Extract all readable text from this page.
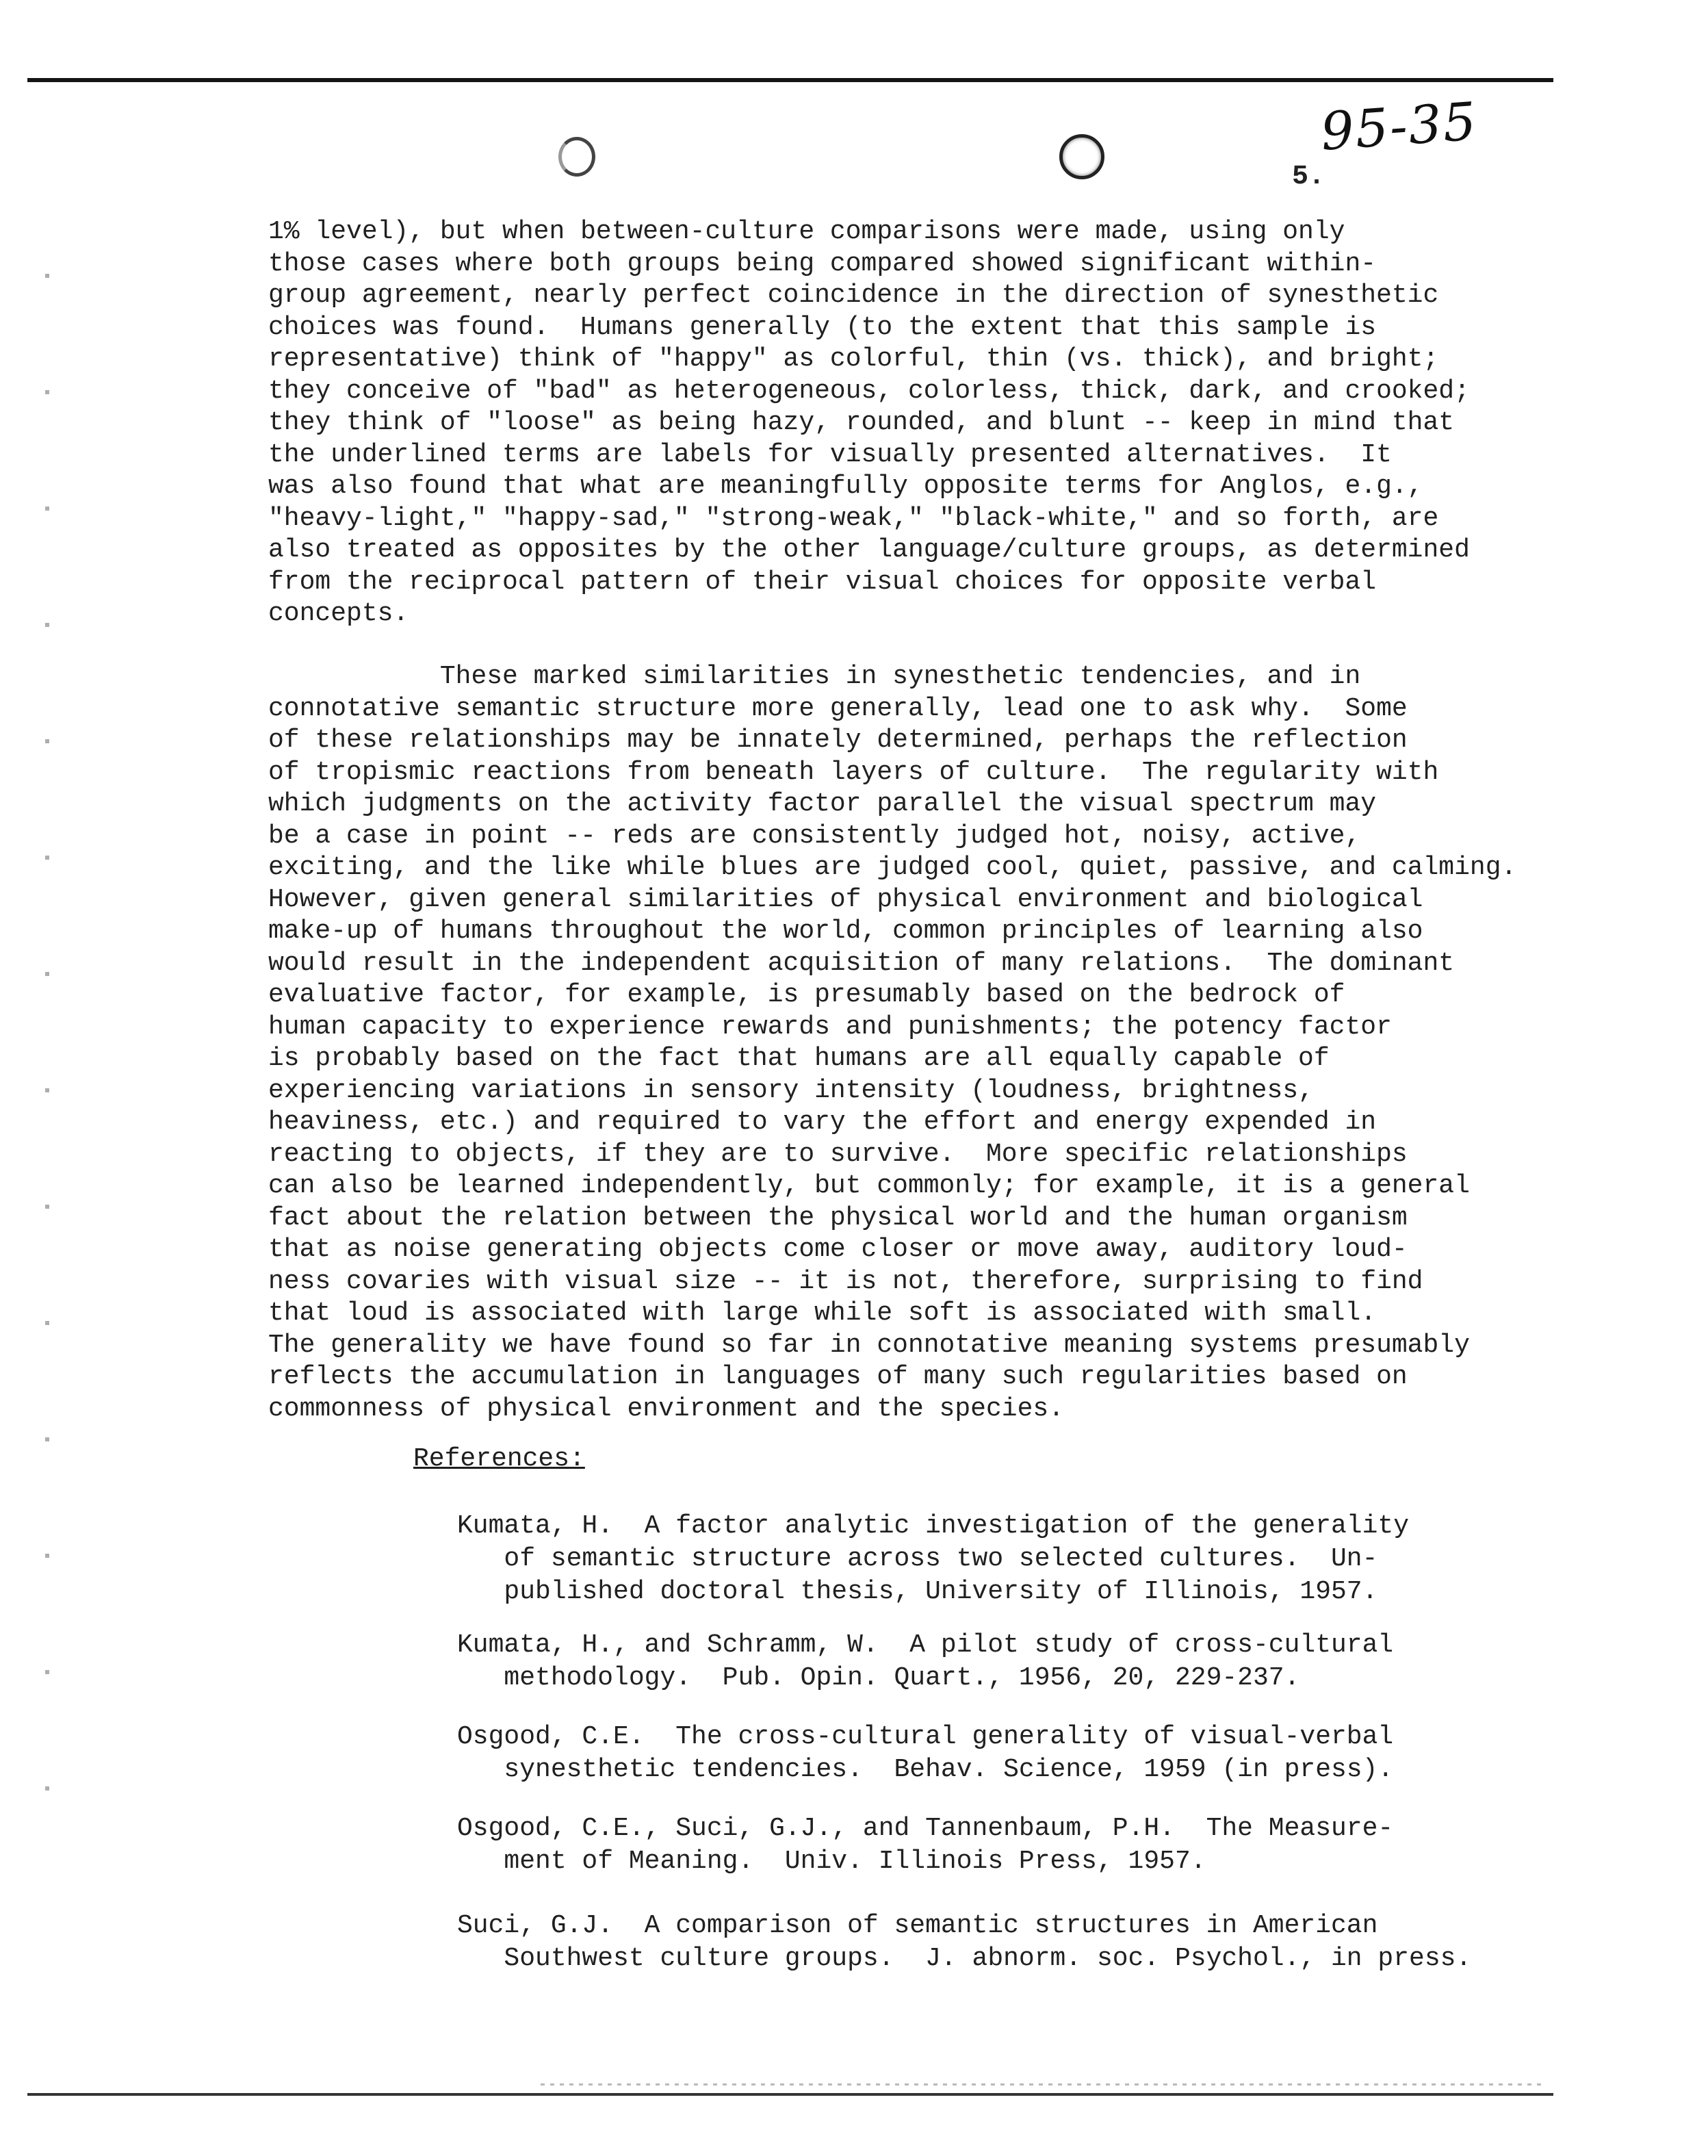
95-35
5.
1% level), but when between-culture comparisons were made, using only
those cases where both groups being compared showed significant within-
group agreement, nearly perfect coincidence in the direction of synesthetic
choices was found.  Humans generally (to the extent that this sample is
representative) think of "happy" as colorful, thin (vs. thick), and bright;
they conceive of "bad" as heterogeneous, colorless, thick, dark, and crooked;
they think of "loose" as being hazy, rounded, and blunt -- keep in mind that
the underlined terms are labels for visually presented alternatives.  It
was also found that what are meaningfully opposite terms for Anglos, e.g.,
"heavy-light," "happy-sad," "strong-weak," "black-white," and so forth, are
also treated as opposites by the other language/culture groups, as determined
from the reciprocal pattern of their visual choices for opposite verbal
concepts.
These marked similarities in synesthetic tendencies, and in
connotative semantic structure more generally, lead one to ask why.  Some
of these relationships may be innately determined, perhaps the reflection
of tropismic reactions from beneath layers of culture.  The regularity with
which judgments on the activity factor parallel the visual spectrum may
be a case in point -- reds are consistently judged hot, noisy, active,
exciting, and the like while blues are judged cool, quiet, passive, and calming.
However, given general similarities of physical environment and biological
make-up of humans throughout the world, common principles of learning also
would result in the independent acquisition of many relations.  The dominant
evaluative factor, for example, is presumably based on the bedrock of
human capacity to experience rewards and punishments; the potency factor
is probably based on the fact that humans are all equally capable of
experiencing variations in sensory intensity (loudness, brightness,
heaviness, etc.) and required to vary the effort and energy expended in
reacting to objects, if they are to survive.  More specific relationships
can also be learned independently, but commonly; for example, it is a general
fact about the relation between the physical world and the human organism
that as noise generating objects come closer or move away, auditory loud-
ness covaries with visual size -- it is not, therefore, surprising to find
that loud is associated with large while soft is associated with small.
The generality we have found so far in connotative meaning systems presumably
reflects the accumulation in languages of many such regularities based on
commonness of physical environment and the species.
References:
Kumata, H.  A factor analytic investigation of the generality
of semantic structure across two selected cultures.  Un-
published doctoral thesis, University of Illinois, 1957.
Kumata, H., and Schramm, W.  A pilot study of cross-cultural
methodology.  Pub. Opin. Quart., 1956, 20, 229-237.
Osgood, C.E.  The cross-cultural generality of visual-verbal
synesthetic tendencies.  Behav. Science, 1959 (in press).
Osgood, C.E., Suci, G.J., and Tannenbaum, P.H.  The Measure-
ment of Meaning.  Univ. Illinois Press, 1957.
Suci, G.J.  A comparison of semantic structures in American
Southwest culture groups.  J. abnorm. soc. Psychol., in press.
